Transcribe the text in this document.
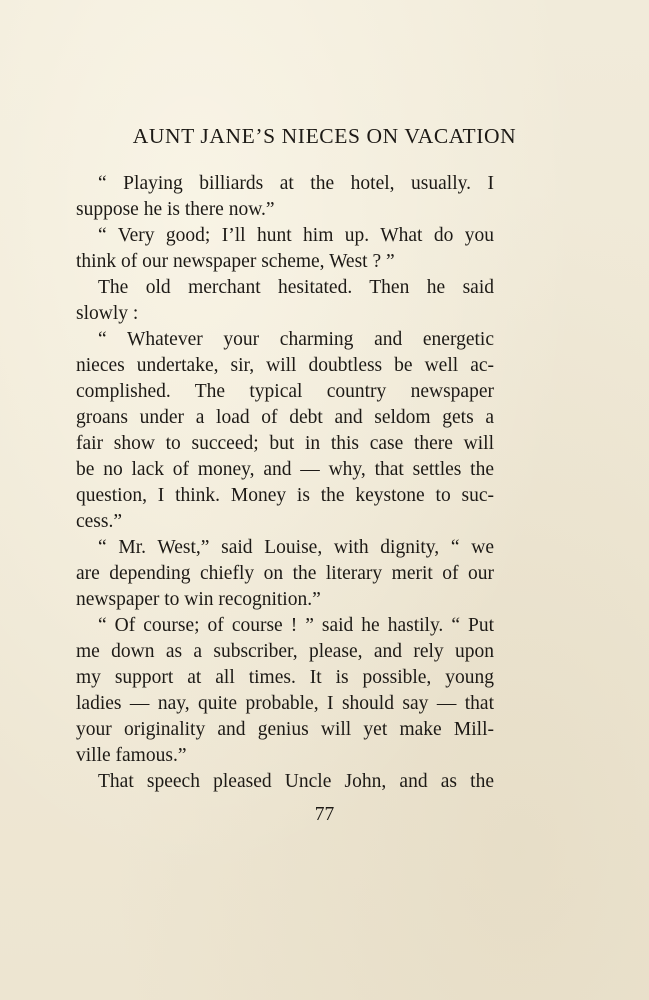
AUNT JANE’S NIECES ON VACATION
“ Playing billiards at the hotel, usually. I
suppose he is there now.”
“ Very good; I’ll hunt him up. What do you
think of our newspaper scheme, West ? ”
The old merchant hesitated. Then he said
slowly :
“ Whatever your charming and energetic
nieces undertake, sir, will doubtless be well ac-
complished. The typical country newspaper
groans under a load of debt and seldom gets a
fair show to succeed; but in this case there will
be no lack of money, and — why, that settles the
question, I think. Money is the keystone to suc-
cess.”
“ Mr. West,” said Louise, with dignity, “ we
are depending chiefly on the literary merit of our
newspaper to win recognition.”
“ Of course; of course ! ” said he hastily. “ Put
me down as a subscriber, please, and rely upon
my support at all times. It is possible, young
ladies — nay, quite probable, I should say — that
your originality and genius will yet make Mill-
ville famous.”
That speech pleased Uncle John, and as the
77
